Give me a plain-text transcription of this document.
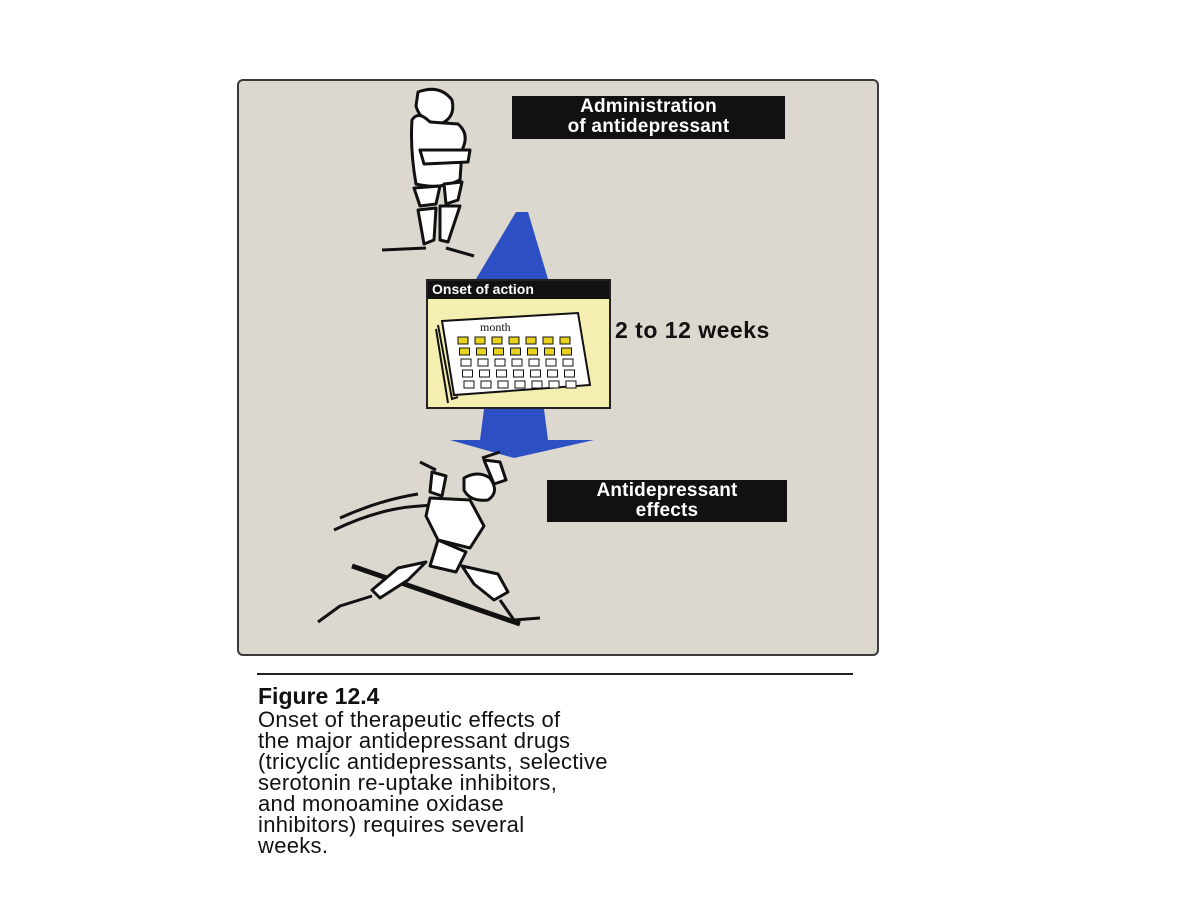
Administration
of antidepressant
Onset of action
month	2 to 12 weeks
Antidepressant
effects
Figure 12.4
Onset of therapeutic effects of
the major antidepressant drugs
(tricyclic antidepressants, selective
serotonin re-uptake inhibitors,
and monoamine oxidase
inhibitors) requires several
weeks.
